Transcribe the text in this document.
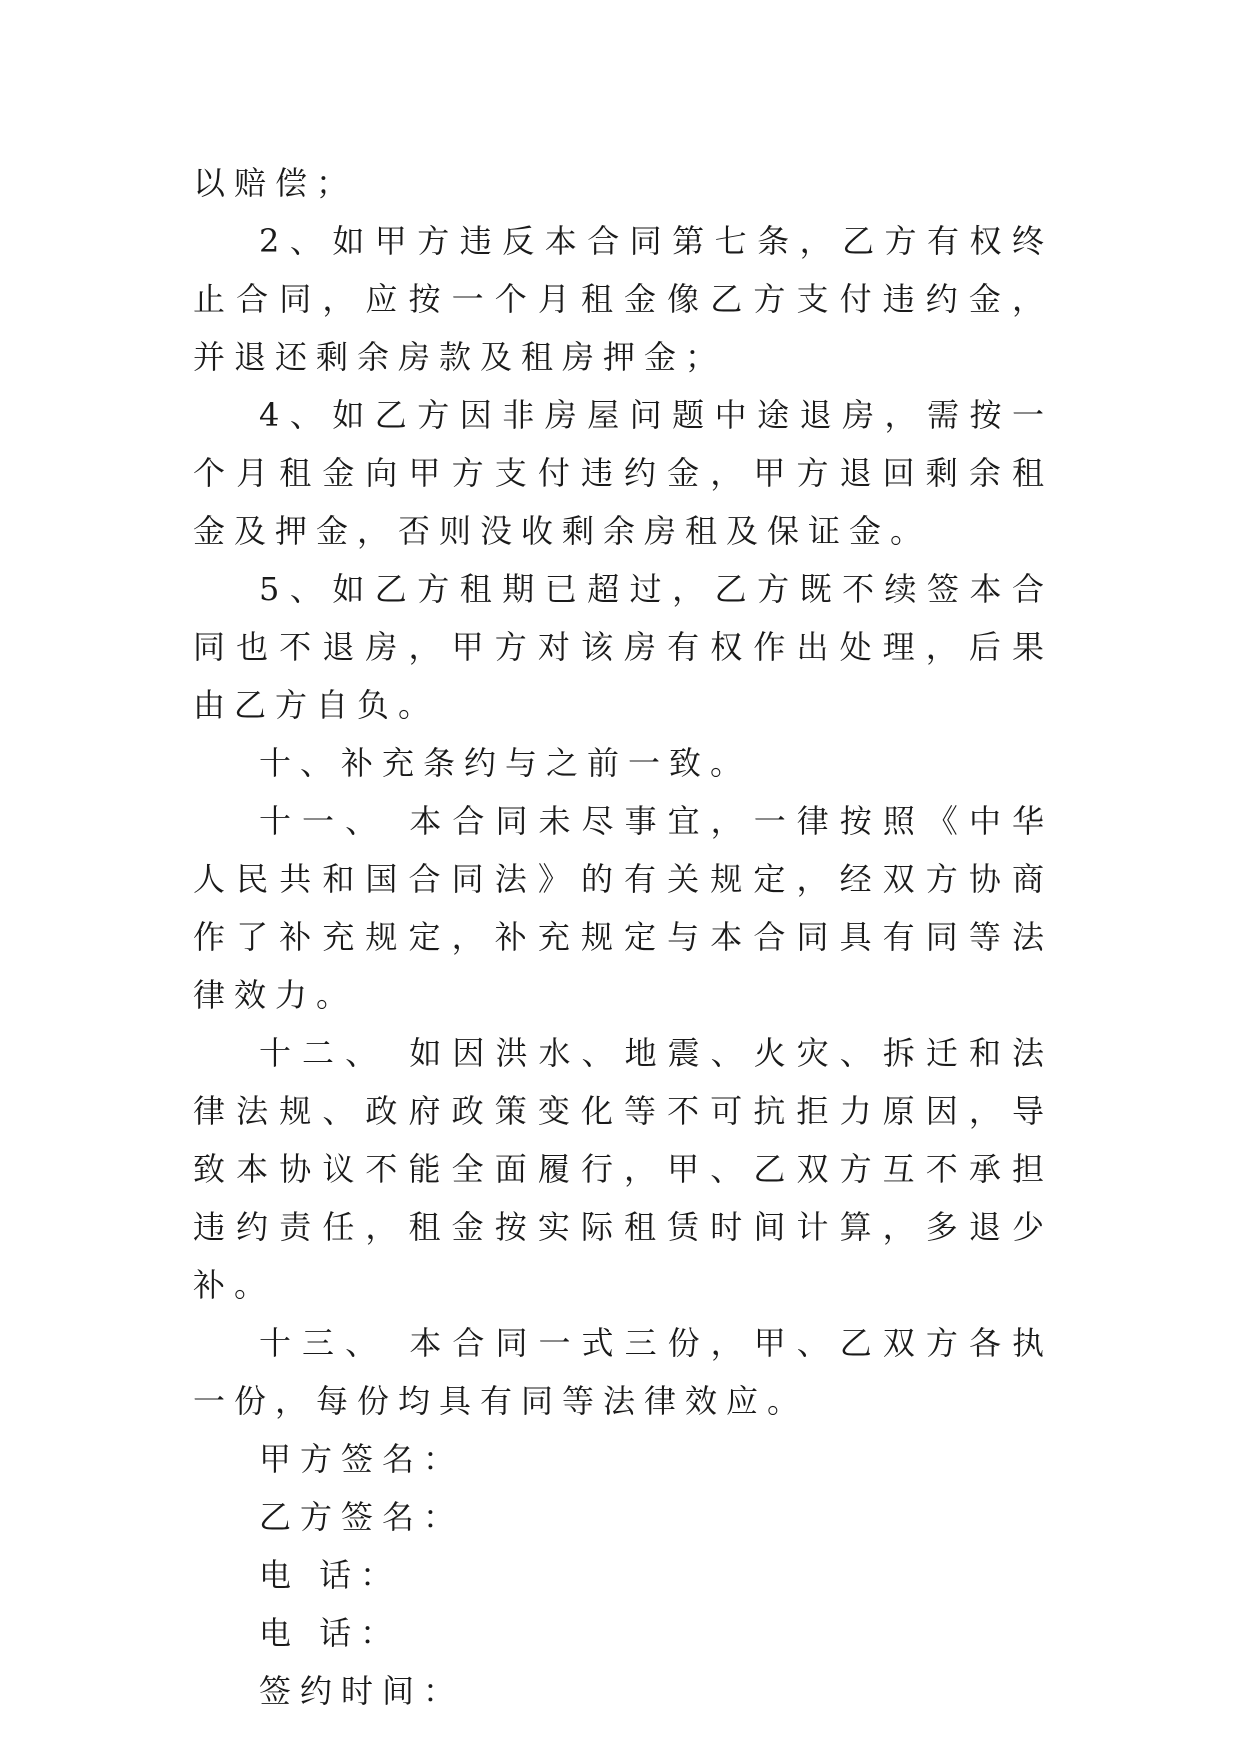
以赔偿；

2、如甲方违反本合同第七条，乙方有权终止合同，应按一个月租金像乙方支付违约金，并退还剩余房款及租房押金；

4、如乙方因非房屋问题中途退房，需按一个月租金向甲方支付违约金，甲方退回剩余租金及押金，否则没收剩余房租及保证金。

5、如乙方租期已超过，乙方既不续签本合同也不退房，甲方对该房有权作出处理，后果由乙方自负。

十、补充条约与之前一致。

十一、 本合同未尽事宜，一律按照《中华人民共和国合同法》的有关规定，经双方协商作了补充规定，补充规定与本合同具有同等法律效力。

十二、 如因洪水、地震、火灾、拆迁和法律法规、政府政策变化等不可抗拒力原因，导致本协议不能全面履行，甲、乙双方互不承担违约责任，租金按实际租赁时间计算，多退少补。

十三、 本合同一式三份，甲、乙双方各执一份，每份均具有同等法律效应。

甲方签名：

乙方签名：

电 话：

电 话：

签约时间：
